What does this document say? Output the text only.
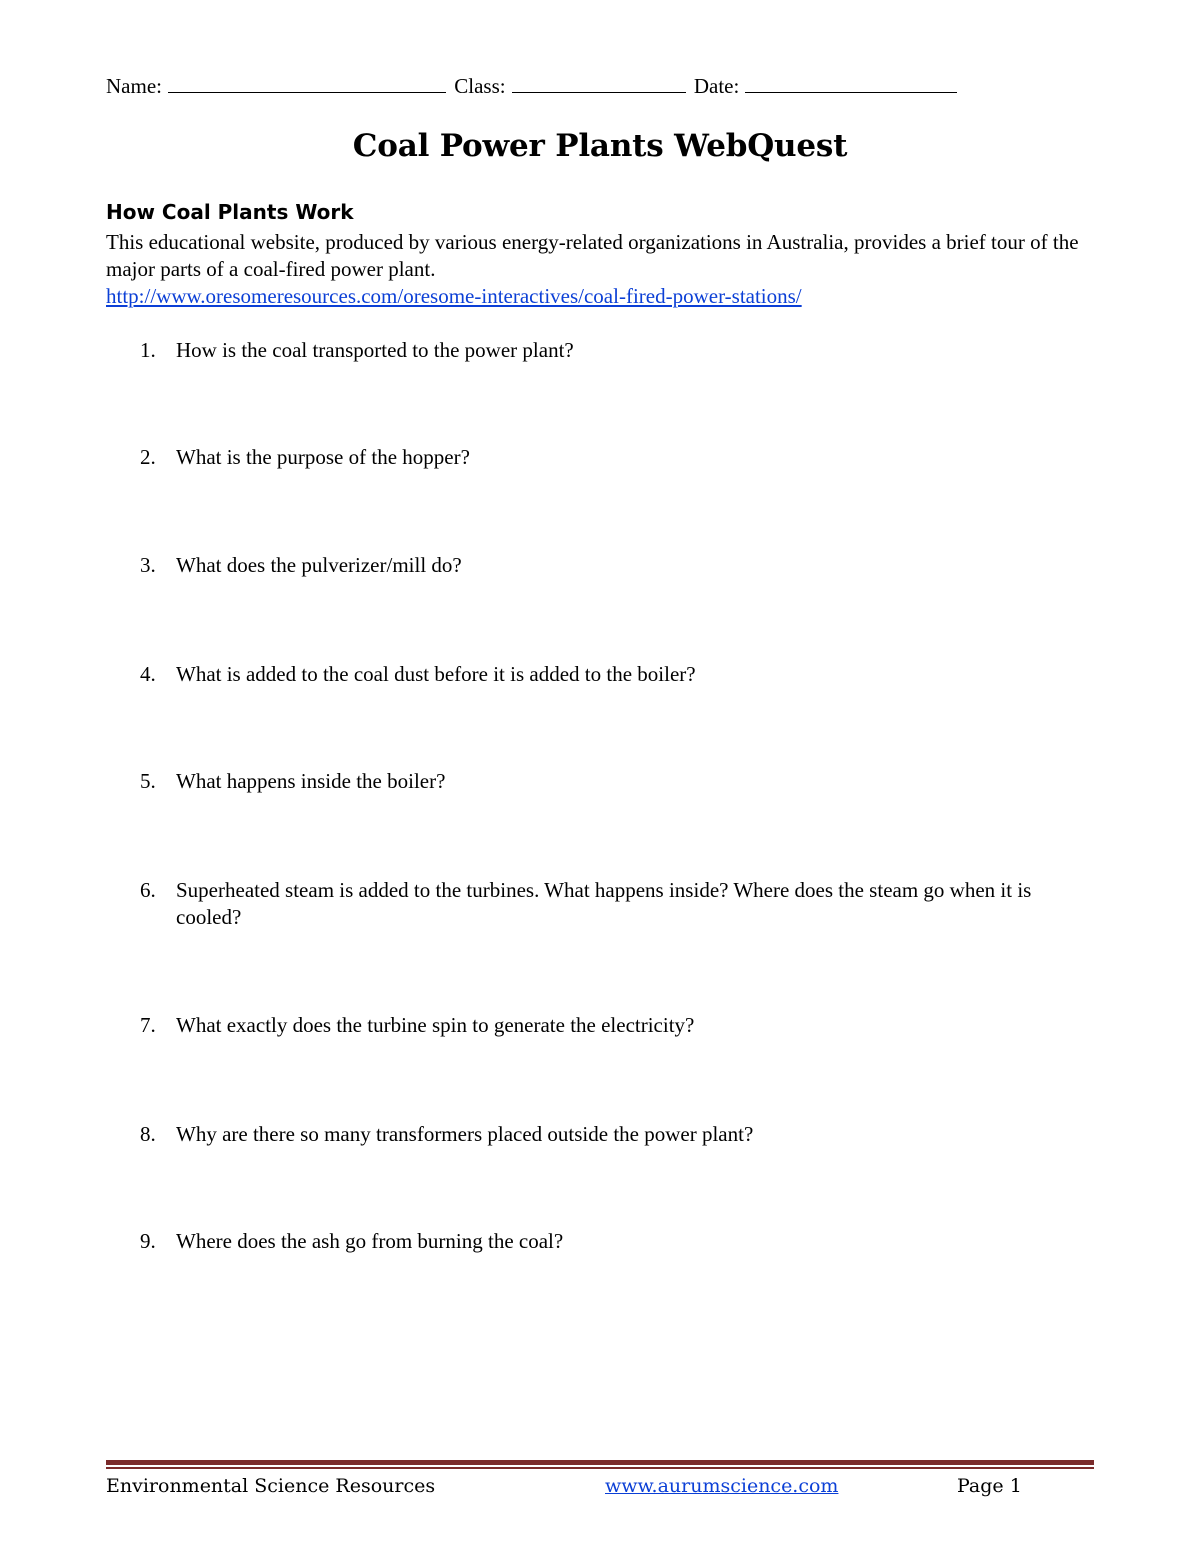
Name:	Class:	Date:
Coal Power Plants WebQuest
How Coal Plants Work
This educational website, produced by various energy-related organizations in Australia, provides a brief tour of the major parts of a coal-fired power plant.
http://www.oresomeresources.com/oresome-interactives/coal-fired-power-stations/
1. How is the coal transported to the power plant?
2. What is the purpose of the hopper?
3. What does the pulverizer/mill do?
4. What is added to the coal dust before it is added to the boiler?
5. What happens inside the boiler?
6. Superheated steam is added to the turbines. What happens inside? Where does the steam go when it is cooled?
7. What exactly does the turbine spin to generate the electricity?
8. Why are there so many transformers placed outside the power plant?
9. Where does the ash go from burning the coal?
Environmental Science Resources	www.aurumscience.com	Page 1
